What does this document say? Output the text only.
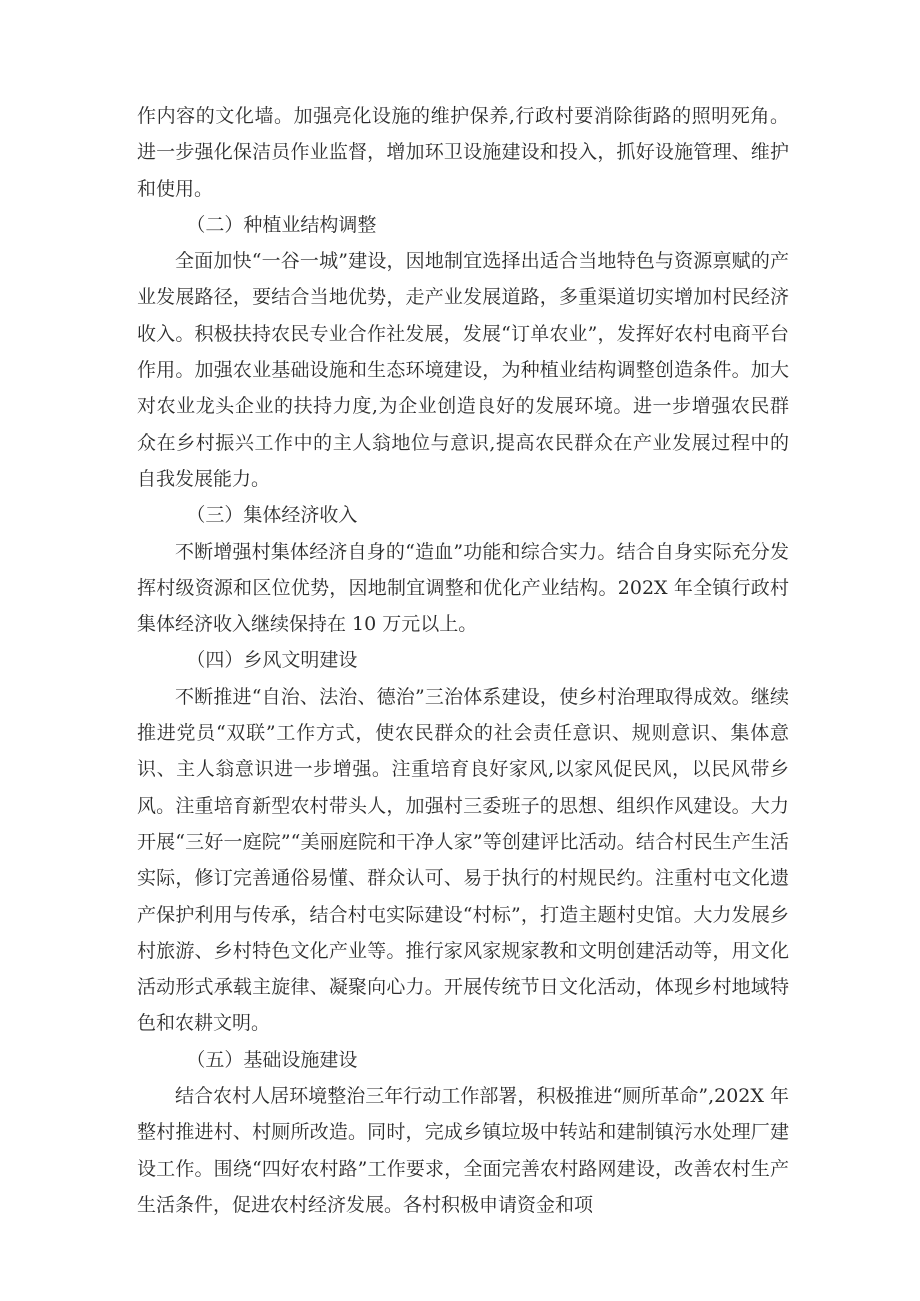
作内容的文化墙。加强亮化设施的维护保养,行政村要消除街路的照明死角。进一步强化保洁员作业监督，增加环卫设施建设和投入，抓好设施管理、维护和使用。

（二）种植业结构调整

全面加快“一谷一城”建设，因地制宜选择出适合当地特色与资源禀赋的产业发展路径，要结合当地优势，走产业发展道路，多重渠道切实增加村民经济收入。积极扶持农民专业合作社发展，发展“订单农业”，发挥好农村电商平台作用。加强农业基础设施和生态环境建设，为种植业结构调整创造条件。加大对农业龙头企业的扶持力度,为企业创造良好的发展环境。进一步增强农民群众在乡村振兴工作中的主人翁地位与意识,提高农民群众在产业发展过程中的自我发展能力。

（三）集体经济收入

不断增强村集体经济自身的“造血”功能和综合实力。结合自身实际充分发挥村级资源和区位优势，因地制宜调整和优化产业结构。202X 年全镇行政村集体经济收入继续保持在 10 万元以上。

（四）乡风文明建设

不断推进“自治、法治、德治”三治体系建设，使乡村治理取得成效。继续推进党员“双联”工作方式，使农民群众的社会责任意识、规则意识、集体意识、主人翁意识进一步增强。注重培育良好家风,以家风促民风，以民风带乡风。注重培育新型农村带头人，加强村三委班子的思想、组织作风建设。大力开展“三好一庭院”“美丽庭院和干净人家”等创建评比活动。结合村民生产生活实际，修订完善通俗易懂、群众认可、易于执行的村规民约。注重村屯文化遗产保护利用与传承，结合村屯实际建设“村标”，打造主题村史馆。大力发展乡村旅游、乡村特色文化产业等。推行家风家规家教和文明创建活动等，用文化活动形式承载主旋律、凝聚向心力。开展传统节日文化活动，体现乡村地域特色和农耕文明。

（五）基础设施建设

结合农村人居环境整治三年行动工作部署，积极推进“厕所革命”,202X 年整村推进村、村厕所改造。同时，完成乡镇垃圾中转站和建制镇污水处理厂建设工作。围绕“四好农村路”工作要求，全面完善农村路网建设，改善农村生产生活条件，促进农村经济发展。各村积极申请资金和项
